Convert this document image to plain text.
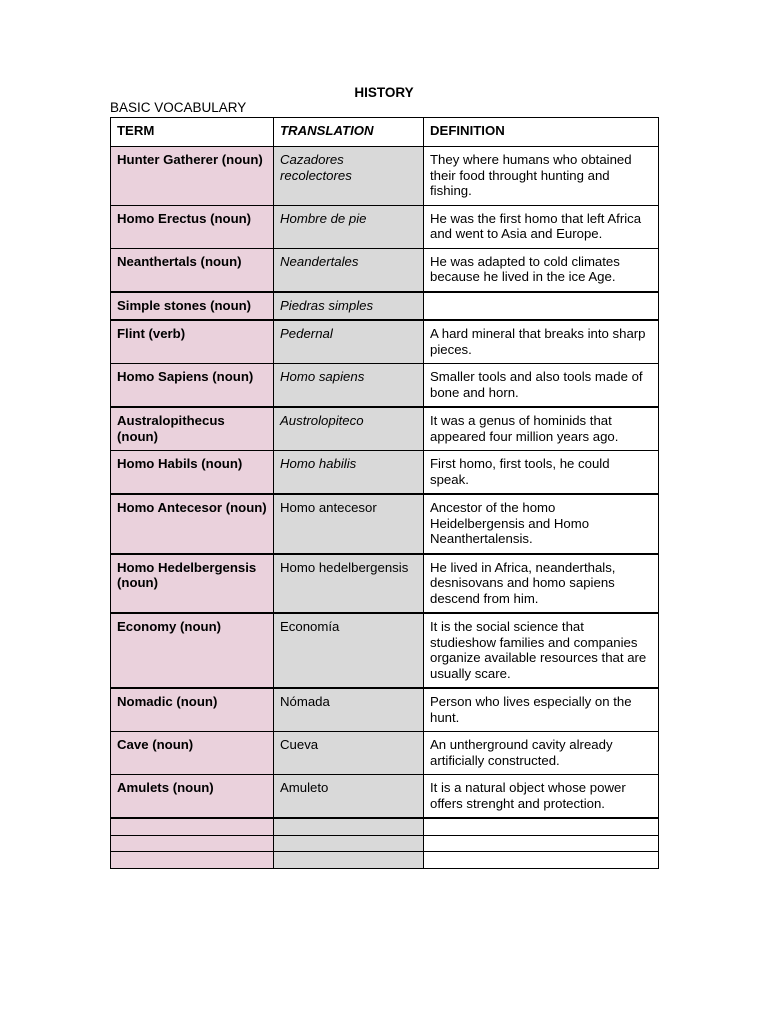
HISTORY
BASIC VOCABULARY
TERM	TRANSLATION	DEFINITION
Hunter Gatherer (noun)	Cazadores recolectores	They where humans who obtained their food throught hunting and fishing.
Homo Erectus (noun)	Hombre de pie	He was the first homo that left Africa and went to Asia and Europe.
Neanthertals (noun)	Neandertales	He was adapted to cold climates because he lived in the ice Age.
Simple stones (noun)	Piedras simples	
Flint (verb)	Pedernal	A hard mineral that breaks into sharp pieces.
Homo Sapiens (noun)	Homo sapiens	Smaller tools and also tools made of bone and horn.
Australopithecus (noun)	Austrolopiteco	It was a genus of hominids that appeared four million years ago.
Homo Habils (noun)	Homo habilis	First homo, first tools, he could speak.
Homo Antecesor (noun)	Homo antecesor	Ancestor of the homo Heidelbergensis and Homo Neanthertalensis.
Homo Hedelbergensis (noun)	Homo hedelbergensis	He lived in Africa, neanderthals, desnisovans and homo sapiens descend from him.
Economy (noun)	Economía	It is the social science that studieshow families and companies organize available resources that are usually scare.
Nomadic (noun)	Nómada	Person who lives especially on the hunt.
Cave (noun)	Cueva	An untherground cavity already artificially constructed.
Amulets (noun)	Amuleto	It is a natural object whose power offers strenght and protection.
